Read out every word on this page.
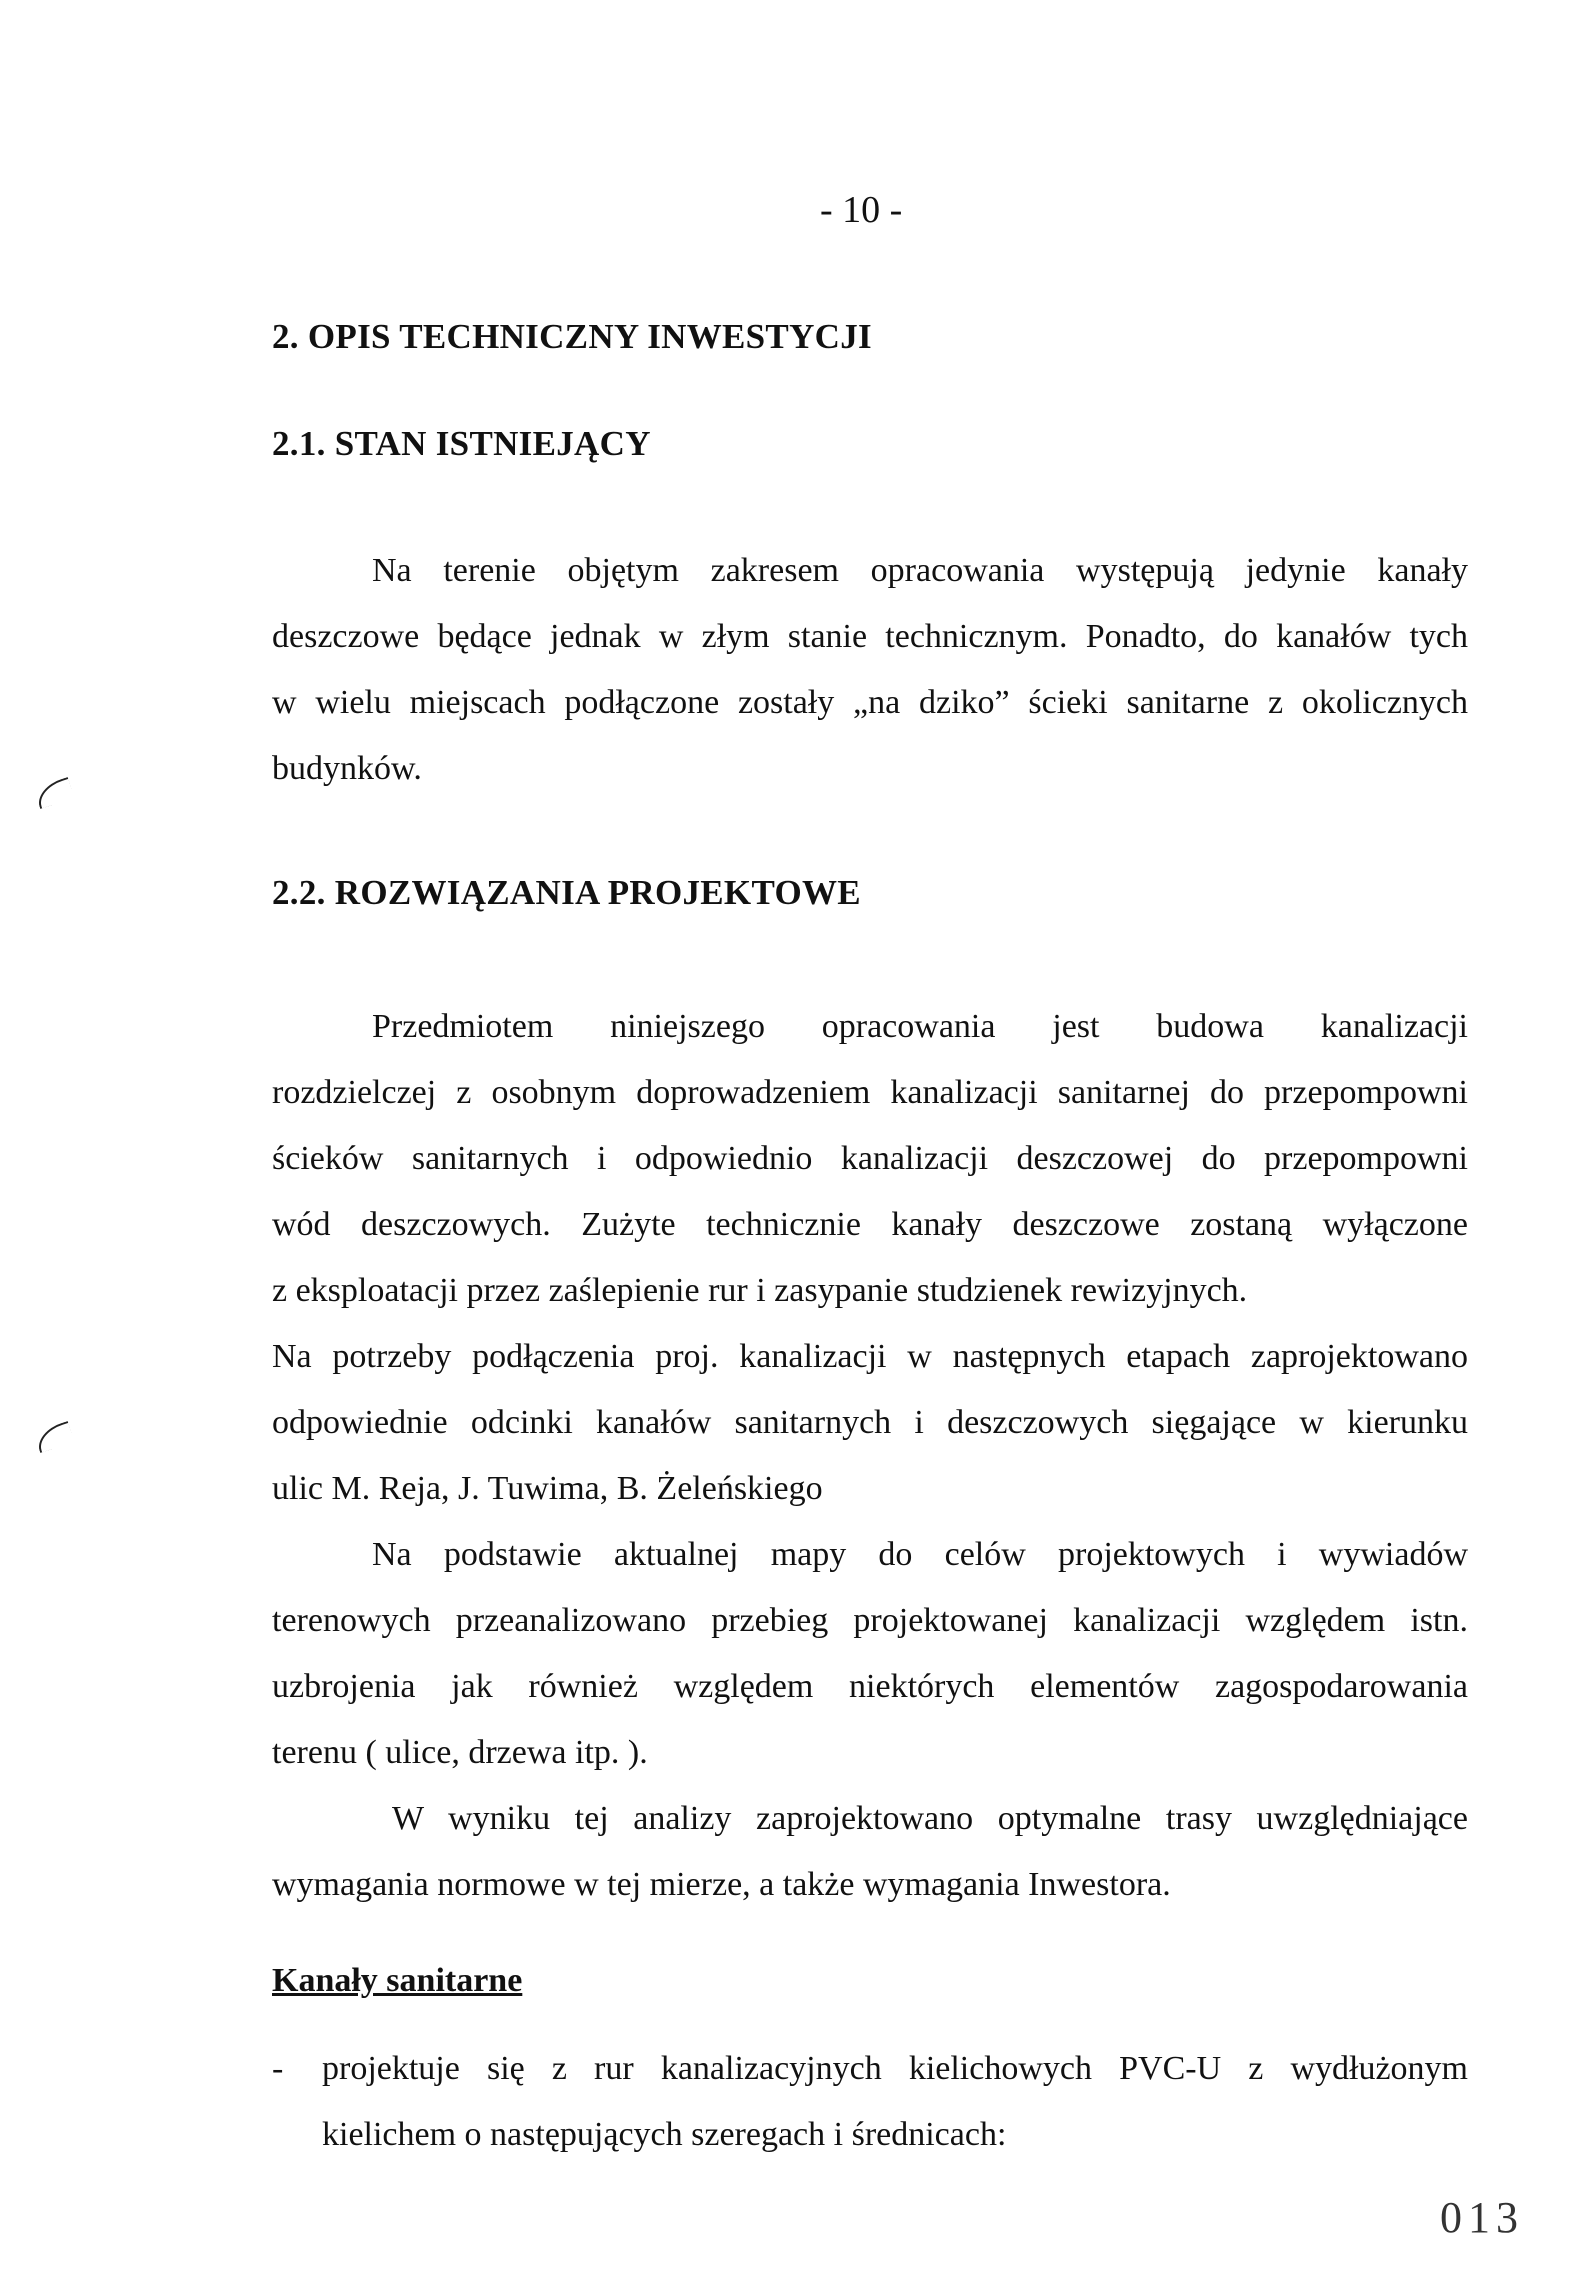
- 10 -
2. OPIS TECHNICZNY INWESTYCJI
2.1. STAN ISTNIEJĄCY
Na terenie objętym zakresem opracowania występują jedynie kanały
deszczowe będące jednak w złym stanie technicznym. Ponadto, do kanałów tych
w wielu miejscach podłączone zostały „na dziko” ścieki sanitarne z okolicznych
budynków.
2.2. ROZWIĄZANIA PROJEKTOWE
Przedmiotem niniejszego opracowania jest budowa kanalizacji
rozdzielczej z osobnym doprowadzeniem kanalizacji sanitarnej do przepompowni
ścieków sanitarnych i odpowiednio kanalizacji deszczowej do przepompowni
wód deszczowych. Zużyte technicznie kanały deszczowe zostaną wyłączone
z eksploatacji przez zaślepienie rur i zasypanie studzienek rewizyjnych.
Na potrzeby podłączenia proj. kanalizacji w następnych etapach zaprojektowano
odpowiednie odcinki kanałów sanitarnych i deszczowych sięgające w kierunku
ulic M. Reja, J. Tuwima, B. Żeleńskiego
Na podstawie aktualnej mapy do celów projektowych i wywiadów
terenowych przeanalizowano przebieg projektowanej kanalizacji względem istn.
uzbrojenia jak również względem niektórych elementów zagospodarowania
terenu ( ulice, drzewa itp. ).
W wyniku tej analizy zaprojektowano optymalne trasy uwzględniające
wymagania normowe w tej mierze, a także wymagania Inwestora.
Kanały sanitarne
- projektuje się z rur kanalizacyjnych kielichowych PVC-U z wydłużonym
kielichem o następujących szeregach i średnicach:
013
